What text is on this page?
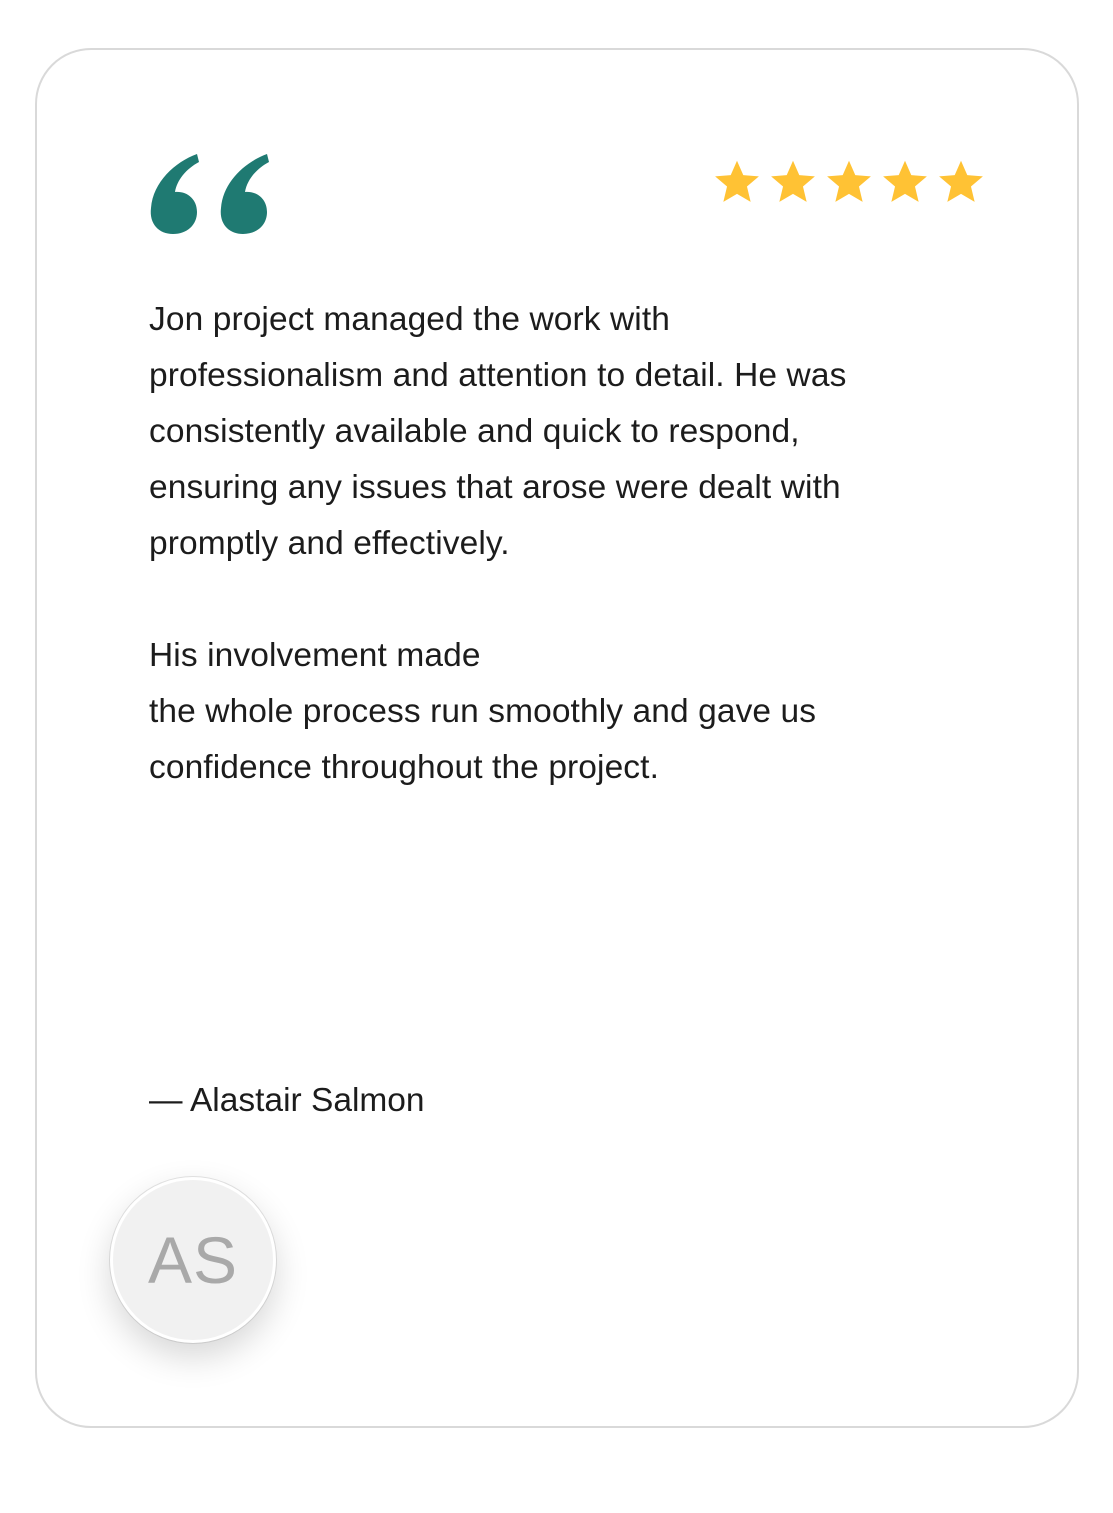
Jon project managed the work with
professionalism and attention to detail. He was
consistently available and quick to respond,
ensuring any issues that arose were dealt with
promptly and effectively.

His involvement made
the whole process run smoothly and gave us
confidence throughout the project.

— Alastair Salmon
AS
